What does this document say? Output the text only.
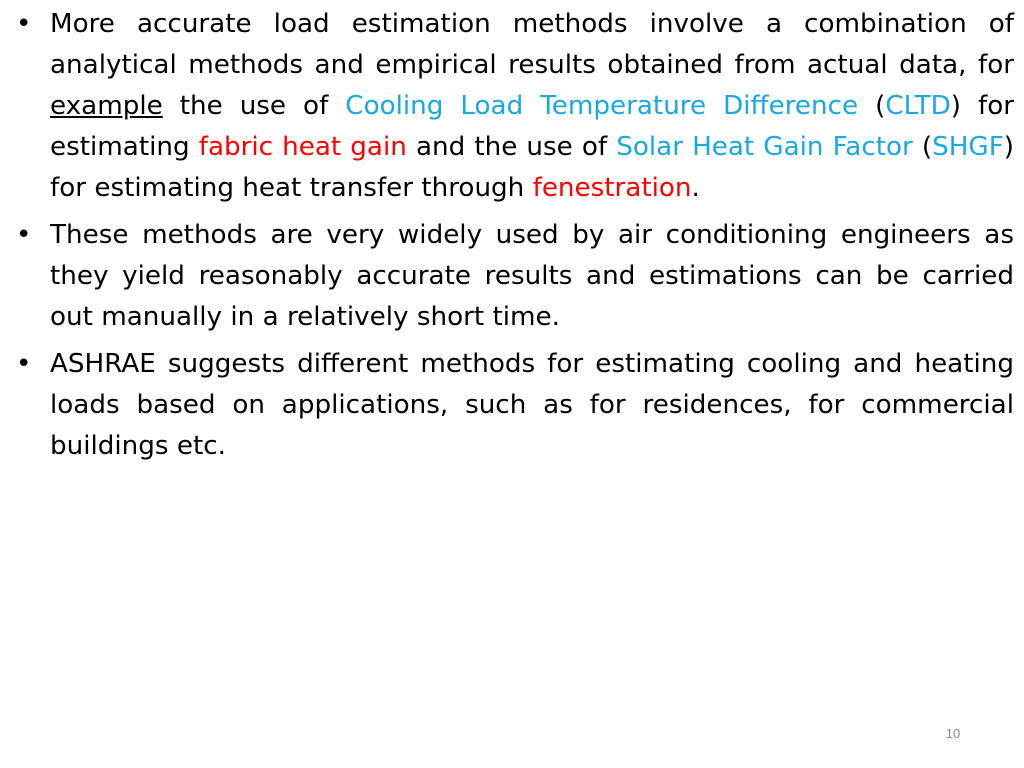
• More accurate load estimation methods involve a combination of analytical methods and empirical results obtained from actual data, for example the use of Cooling Load Temperature Difference (CLTD) for estimating fabric heat gain and the use of Solar Heat Gain Factor (SHGF) for estimating heat transfer through fenestration.
• These methods are very widely used by air conditioning engineers as they yield reasonably accurate results and estimations can be carried out manually in a relatively short time.
• ASHRAE suggests different methods for estimating cooling and heating loads based on applications, such as for residences, for commercial buildings etc.
10
